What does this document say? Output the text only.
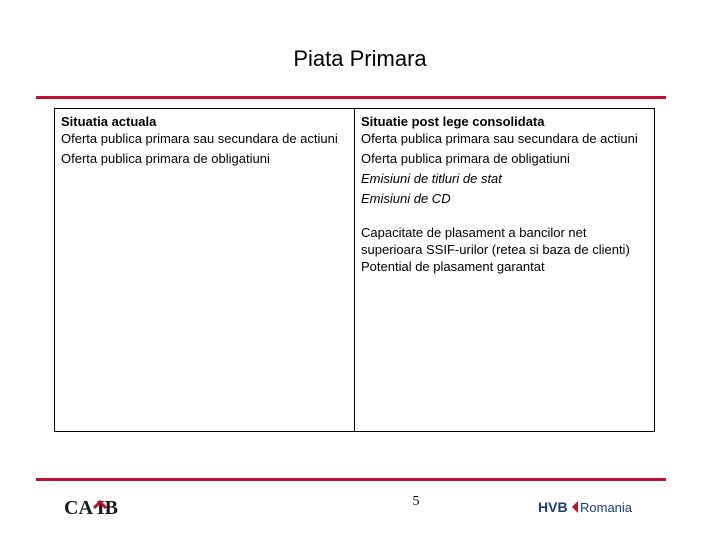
Piata Primara
Situatia actuala
Oferta publica primara sau secundara de actiuni
Oferta publica primara de obligatiuni
Situatie post lege consolidata
Oferta publica primara sau secundara de actiuni
Oferta publica primara de obligatiuni
Emisiuni de titluri de stat
Emisiuni de CD
Capacitate de plasament a bancilor net superioara SSIF-urilor (retea si baza de clienti)
Potential de plasament garantat
CA IB	5	HVB Romania
